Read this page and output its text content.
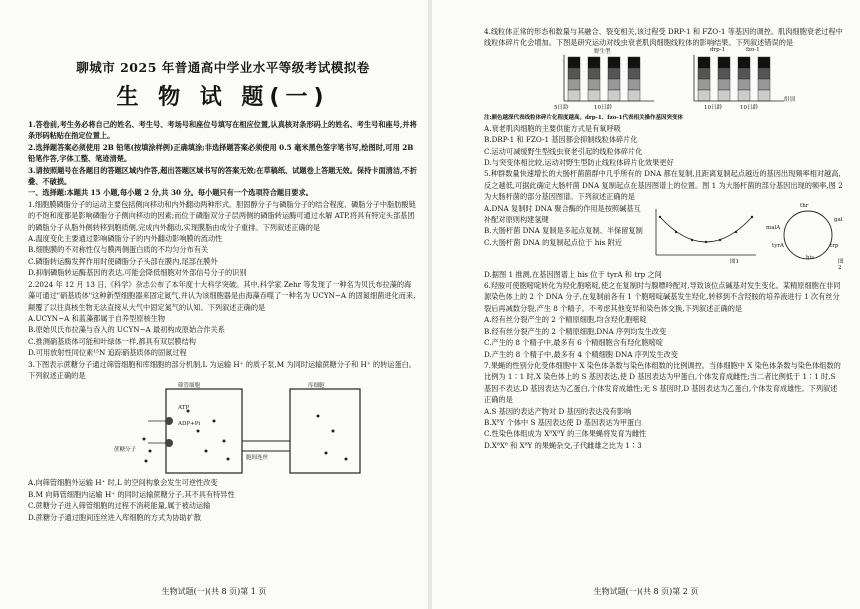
聊城市 2025 年普通高中学业水平等级考试模拟卷

生 物 试 题(一)

1.答卷前,考生务必将自己的姓名、考生号、考场号和座位号填写在相应位置,认真核对条形码上的姓名、考生号和座号,并将条形码粘贴在指定位置上。

2.选择题答案必须使用 2B 铅笔(按填涂样例)正确填涂;非选择题答案必须使用 0.5 毫米黑色签字笔书写,绘图时,可用 2B 铅笔作答,字体工整、笔迹清楚。

3.请按照题号在各题目的答题区域内作答,超出答题区域书写的答案无效;在草稿纸、试题卷上答题无效。保持卡面清洁,不折叠、不破损。

一、选择题:本题共 15 小题,每小题 2 分,共 30 分。每小题只有一个选项符合题目要求。

1.细胞膜磷脂分子的运动主要包括侧向移动和内外翻动两种形式。胆固醇分子与磷脂分子的结合程度、磷脂分子中脂肪酸链的不饱和度都是影响磷脂分子侧向移动的因素;而位于磷脂双分子层两侧的磷脂转运酶可通过水解 ATP,将具有特定头部基团的磷脂分子从脂外侧转移到胞质侧,完成内外翻动,实现膜脂由成分子重排。下列叙述正确的是

A.温度变化主要通过影响磷脂分子的内外翻动影响膜的流动性

B.细胞膜的不对称性仅与膜两侧蛋白质的不均匀分布有关

C.磷脂转运酶发挥作用时使磷脂分子头部在膜内,尾部在膜外

D.抑制磷脂转运酶基因的表达,可能会降低细胞对外部信号分子的识别

2.2024 年 12 月 13 日,《科学》杂志公布了本年度十大科学突破。其中,科学家 Zehr 等发现了一种名为贝氏布拉藻的海藻可通过"硝基质体"这种新型细胞器来固定氮气,并认为该细胞器是由海藻吞噬了一种名为 UCYN−A 的固氮细菌进化而来,颠覆了以往真核生物无法直接从大气中固定氮气的认知。下列叙述正确的是

A.UCYN−A 和蓝藻都属于自养型原核生物

B.原始贝氏布拉藻与吞入的 UCYN−A 最初构成原始合作关系

C.推测硝基质体可能和叶绿体一样,都具有双层膜结构

D.可用放射性同位素¹⁵N 追踪硝基质体的固氮过程

3.下图表示蔗糖分子通过筛管细胞和库细胞的部分机制,L 为运输 H⁺ 的质子泵,M 为同时运输蔗糖分子和 H⁺ 的转运蛋白。下列叙述正确的是

筛管细胞	库细胞
ATP
ADP+Pi
胞间连丝
蔗糖分子

A.向筛管细胞外运输 H⁺ 时,L 的空间构象会发生可逆性改变

B.M 向筛管细胞内运输 H⁺ 的同时运输蔗糖分子,其不具有特异性

C.蔗糖分子进入筛管细胞的过程不消耗能量,属于被动运输

D.蔗糖分子通过胞间连丝进入库细胞的方式为协助扩散

生物试题(一)(共 8 页)第 1 页

4.线粒体正常的形态和数量与其融合、裂变相关,该过程受 DRP-1 和 FZO-1 等基因的调控。肌肉细胞衰老过程中线粒体碎片化会增加。下图是研究运动对线虫衰老肌肉细胞线粒体的影响结果。下列叙述错误的是

野生型	drp-1	fzo-1
5日龄	10日龄	10日龄	10日龄
组别
注:颜色越深代表线粒体碎片化程度越高。drp-1、fzo-1代表相关操作基因突变体

A.衰老肌肉细胞的主要供能方式是有氧呼吸

B.DRP-1 和 FZO-1 基因都会抑制线粒体碎片化

C.运动可减缓野生型线虫衰老引起的线粒体碎片化

D.与突变体相比较,运动对野生型防止线粒体碎片化效果更好

5.种群数量快速增长的大肠杆菌菌群中几乎所有的 DNA 都在复制,且距离复制起点越近的基因出现频率相对越高,反之越低,可据此确定大肠杆菌 DNA 复制起点在基因图谱上的位置。图 1 为大肠杆菌的部分基因出现的频率,图 2 为大肠杆菌的部分基因图谱。下列叙述正确的是

A.DNA 复制时 DNA 聚合酶的作用是按照碱基互补配对原则构建氢键

B.大肠杆菌 DNA 复制是多起点复制、半保留复制

C.大肠杆菌 DNA 的复制起点位于 his 附近

图1
thr
malA
tyrA
his
trp
gal
图2

D.据图 1 推测,在基因图谱上 his 位于 tyrA 和 trp 之间

6.羟胺可使胞嘧啶转化为羟化胞嘧啶,使之在复制时与腺嘌呤配对,导致该位点碱基对发生变化。某精原细胞在非同源染色体上的 2 个 DNA 分子,在复制前各有 1 个胞嘧啶碱基发生羟化,转移到不含羟胺的培养液进行 1 次有丝分裂后再减数分裂,产生 8 个精子。不考虑其他变异和染色体交换,下列叙述正确的是

A.经有丝分裂产生的 2 个精原细胞,均含羟化胞嘧啶

B.经有丝分裂产生的 2 个精原细胞,DNA 序列均发生改变

C.产生的 8 个精子中,最多有 6 个精细胞含有羟化胞嘧啶

D.产生的 8 个精子中,最多有 4 个精细胞 DNA 序列发生改变

7.果蝇的性别分化受体细胞中 X 染色体条数与染色体组数的比例调控。当体细胞中 X 染色体条数与染色体组数的比例为 1∶1 时,X 染色体上的 S 基因表达,使 D 基因表达为甲蛋白,个体发育成雌性;当二者比例低于 1∶1 时,S 基因不表达,D 基因表达为乙蛋白,个体发育成雄性;无 S 基因时,D 基因表达为乙蛋白,个体发育成雄性。下列叙述正确的是

A.S 基因的表达产物对 D 基因的表达没有影响

B.X⁸Y 个体中 S 基因表达使 D 基因表达为甲蛋白

C.性染色体组成为 X⁸X⁸Y 的三体果蝇将发育为雌性

D.X⁸X⁸ 和 X⁸Y 的果蝇杂交,子代雌雄之比为 1∶3

生物试题(一)(共 8 页)第 2 页
